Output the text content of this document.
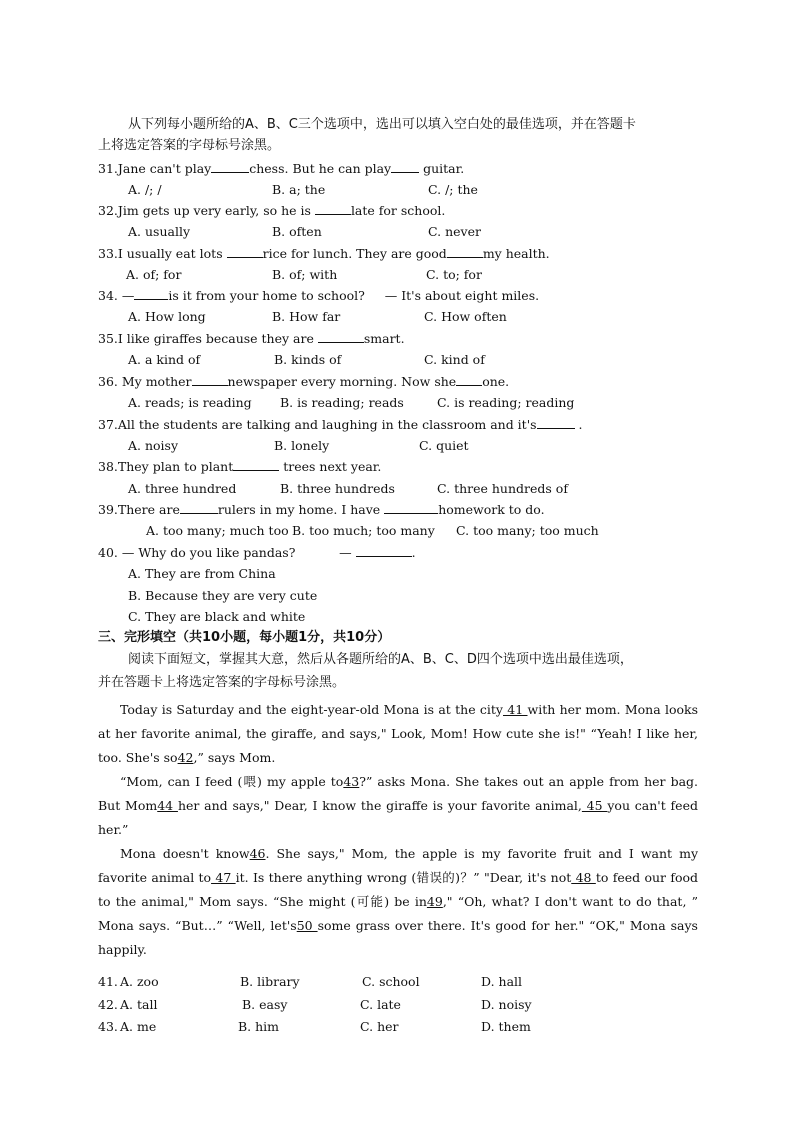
从下列每小题所给的A、B、C三个选项中，选出可以填入空白处的最佳选项，并在答题卡
上将选定答案的字母标号涂黑。
31.Jane can't play	chess. But he can play guitar.
A. /; /	B. a; the	C. /; the
32.Jim gets up very early, so he is	late for school.
A. usually	B. often	C. never
33.I usually eat lots	rice for lunch. They are good	my health.
A. of; for	B. of; with	C. to; for
34. —	is it from your home to school? — It's about eight miles.
A. How long	B. How far	C. How often
35.I like giraffes because they are	smart.
A. a kind of	B. kinds of	C. kind of
36. My mother	newspaper every morning. Now she one.
A. reads; is reading B. is reading; reads	C. is reading; reading
37.All the students are talking and laughing in the classroom and it's	.
A. noisy	B. lonely	C. quiet
38.They plan to plant	trees next year.
A. three hundred	B. three hundreds	C. three hundreds of
39.There are	rulers in my home. I have	homework to do.
A. too many; much too B. too much; too many C. too many; too much
40. — Why do you like pandas?	—	.
A. They are from China
B. Because they are very cute
C. They are black and white
三、完形填空（共10小题，每小题1分，共10分）
阅读下面短文，掌握其大意，然后从各题所给的A、B、C、D四个选项中选出最佳选项，
并在答题卡上将选定答案的字母标号涂黑。
Today is Saturday and the eight-year-old Mona is at the city 41 with her mom. Mona looks at her favorite animal, the giraffe, and says," Look, Mom! How cute she is!" “Yeah! I like her, too. She's so42,” says Mom.
“Mom, can I feed (喂) my apple to43?” asks Mona. She takes out an apple from her bag. But Mom44 her and says," Dear, I know the giraffe is your favorite animal, 45 you can't feed her.”
Mona doesn't know46. She says," Mom, the apple is my favorite fruit and I want my favorite animal to 47 it. Is there anything wrong (错误的)？” "Dear, it's not 48 to feed our food to the animal," Mom says. “She might (可能) be in49," “Oh, what? I don't want to do that, ” Mona says. “But…” “Well, let's50 some grass over there. It's good for her." “OK," Mona says happily.
41. A. zoo	B. library	C. school	D. hall
42. A. tall	B. easy	C. late	D. noisy
43. A. me	B. him	C. her	D. them
